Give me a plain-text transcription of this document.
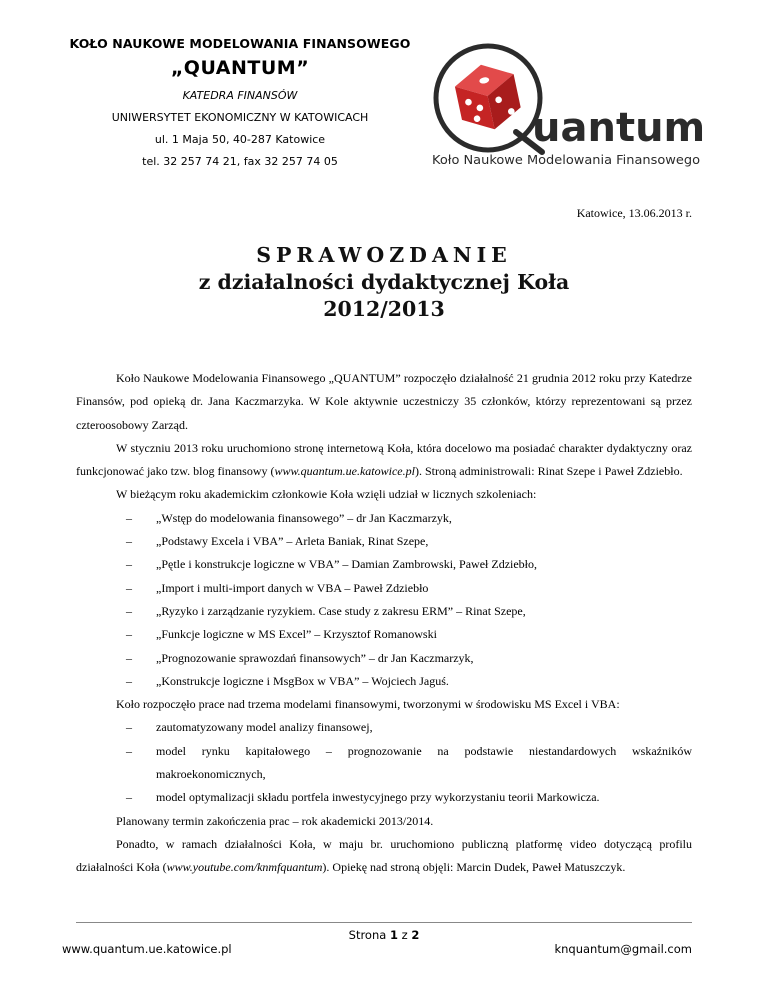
KOŁO NAUKOWE MODELOWANIA FINANSOWEGO
„QUANTUM”
KATEDRA FINANSÓW
UNIWERSYTET EKONOMICZNY W KATOWICACH
ul. 1 Maja 50, 40-287 Katowice
tel. 32 257 74 21, fax 32 257 74 05
uantum
Koło Naukowe Modelowania Finansowego
Katowice, 13.06.2013 r.
SPRAWOZDANIE
z działalności dydaktycznej Koła
2012/2013

Koło Naukowe Modelowania Finansowego „QUANTUM” rozpoczęło działalność 21 grudnia 2012 roku przy Katedrze Finansów, pod opieką dr. Jana Kaczmarzyka. W Kole aktywnie uczestniczy 35 członków, którzy reprezentowani są przez czteroosobowy Zarząd.

W styczniu 2013 roku uruchomiono stronę internetową Koła, która docelowo ma posiadać charakter dydaktyczny oraz funkcjonować jako tzw. blog finansowy (www.quantum.ue.katowice.pl). Stroną administrowali: Rinat Szepe i Paweł Zdziebło.

W bieżącym roku akademickim członkowie Koła wzięli udział w licznych szkoleniach:

– „Wstęp do modelowania finansowego” – dr Jan Kaczmarzyk,
– „Podstawy Excela i VBA” – Arleta Baniak, Rinat Szepe,
– „Pętle i konstrukcje logiczne w VBA” – Damian Zambrowski, Paweł Zdziebło,
– „Import i multi-import danych w VBA – Paweł Zdziebło
– „Ryzyko i zarządzanie ryzykiem. Case study z zakresu ERM” – Rinat Szepe,
– „Funkcje logiczne w MS Excel” – Krzysztof Romanowski
– „Prognozowanie sprawozdań finansowych” – dr Jan Kaczmarzyk,
– „Konstrukcje logiczne i MsgBox w VBA” – Wojciech Jaguś.

Koło rozpoczęło prace nad trzema modelami finansowymi, tworzonymi w środowisku MS Excel i VBA:

– zautomatyzowany model analizy finansowej,
– model rynku kapitałowego – prognozowanie na podstawie niestandardowych wskaźników makroekonomicznych,
– model optymalizacji składu portfela inwestycyjnego przy wykorzystaniu teorii Markowicza.

Planowany termin zakończenia prac – rok akademicki 2013/2014.

Ponadto, w ramach działalności Koła, w maju br. uruchomiono publiczną platformę video dotyczącą profilu działalności Koła (www.youtube.com/knmfquantum). Opiekę nad stroną objęli: Marcin Dudek, Paweł Matuszczyk.

www.quantum.ue.katowice.pl
Strona 1 z 2
knquantum@gmail.com
